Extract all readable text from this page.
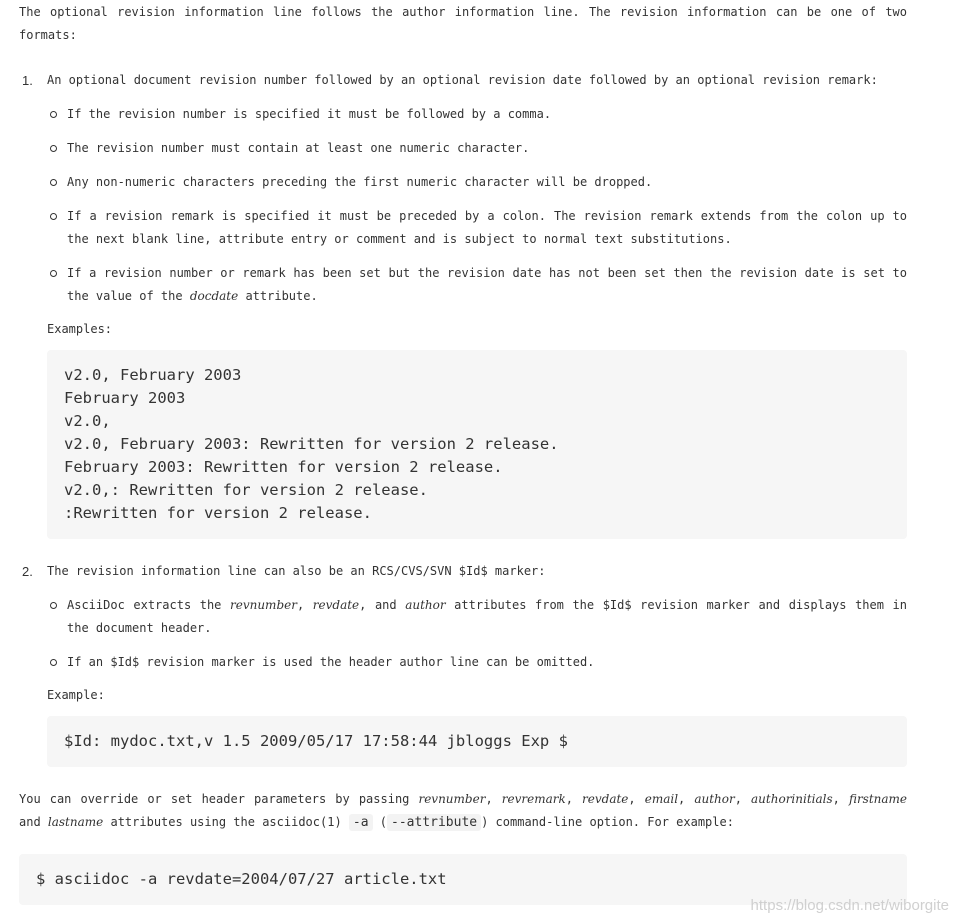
The optional revision information line follows the author information line. The revision information can be one of two formats:

1. An optional document revision number followed by an optional revision date followed by an optional revision remark:

If the revision number is specified it must be followed by a comma.
The revision number must contain at least one numeric character.
Any non-numeric characters preceding the first numeric character will be dropped.
If a revision remark is specified it must be preceded by a colon. The revision remark extends from the colon up to the next blank line, attribute entry or comment and is subject to normal text substitutions.
If a revision number or remark has been set but the revision date has not been set then the revision date is set to the value of the docdate attribute.

Examples:

v2.0, February 2003
February 2003
v2.0,
v2.0, February 2003: Rewritten for version 2 release.
February 2003: Rewritten for version 2 release.
v2.0,: Rewritten for version 2 release.
:Rewritten for version 2 release.
2. The revision information line can also be an RCS/CVS/SVN $Id$ marker:

AsciiDoc extracts the revnumber, revdate, and author attributes from the $Id$ revision marker and displays them in the document header.
If an $Id$ revision marker is used the header author line can be omitted.

Example:

$Id: mydoc.txt,v 1.5 2009/05/17 17:58:44 jbloggs Exp $

You can override or set header parameters by passing revnumber, revremark, revdate, email, author, authorinitials, firstname and lastname attributes using the asciidoc(1) -a ( --attribute ) command-line option. For example:

$ asciidoc -a revdate=2004/07/27 article.txt
https://blog.csdn.net/wiborgite
